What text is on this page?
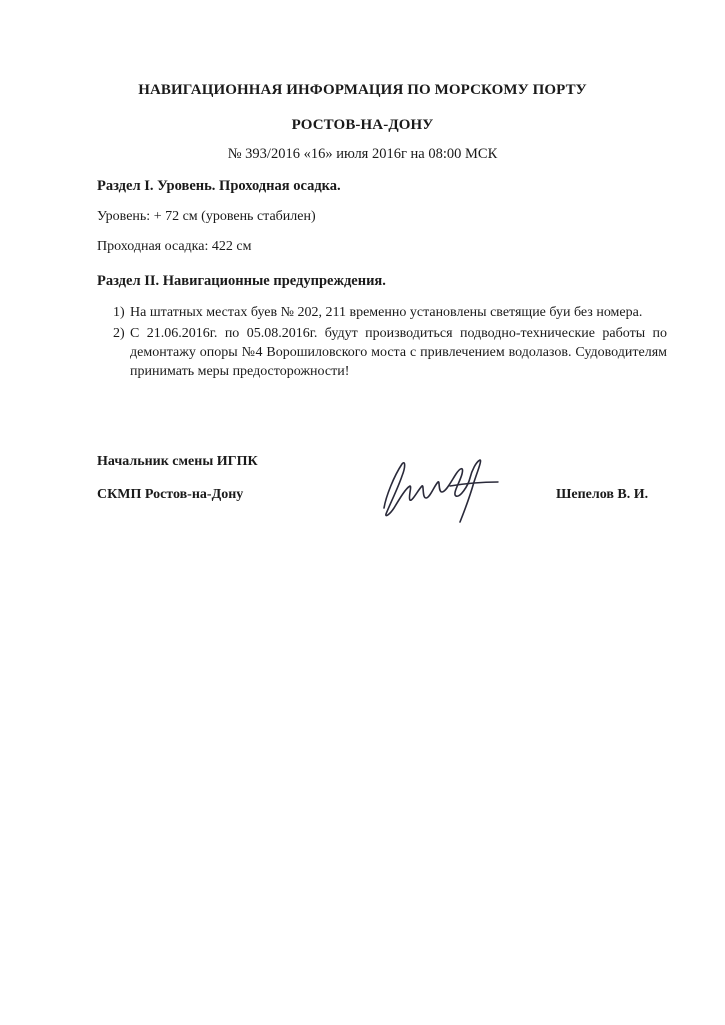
НАВИГАЦИОННАЯ ИНФОРМАЦИЯ ПО МОРСКОМУ ПОРТУ
РОСТОВ-НА-ДОНУ
№ 393/2016 «16» июля 2016г на 08:00 МСК
Раздел I. Уровень. Проходная осадка.
Уровень: + 72 см (уровень стабилен)
Проходная осадка: 422 см
Раздел II. Навигационные предупреждения.
1) На штатных местах буев № 202, 211 временно установлены светящие буи без номера.
2) С 21.06.2016г. по 05.08.2016г. будут производиться подводно-технические работы по демонтажу опоры №4 Ворошиловского моста с привлечением водолазов. Судоводителям принимать меры предосторожности!
Начальник смены ИГПК
СКМП Ростов-на-Дону	Шепелов В. И.
